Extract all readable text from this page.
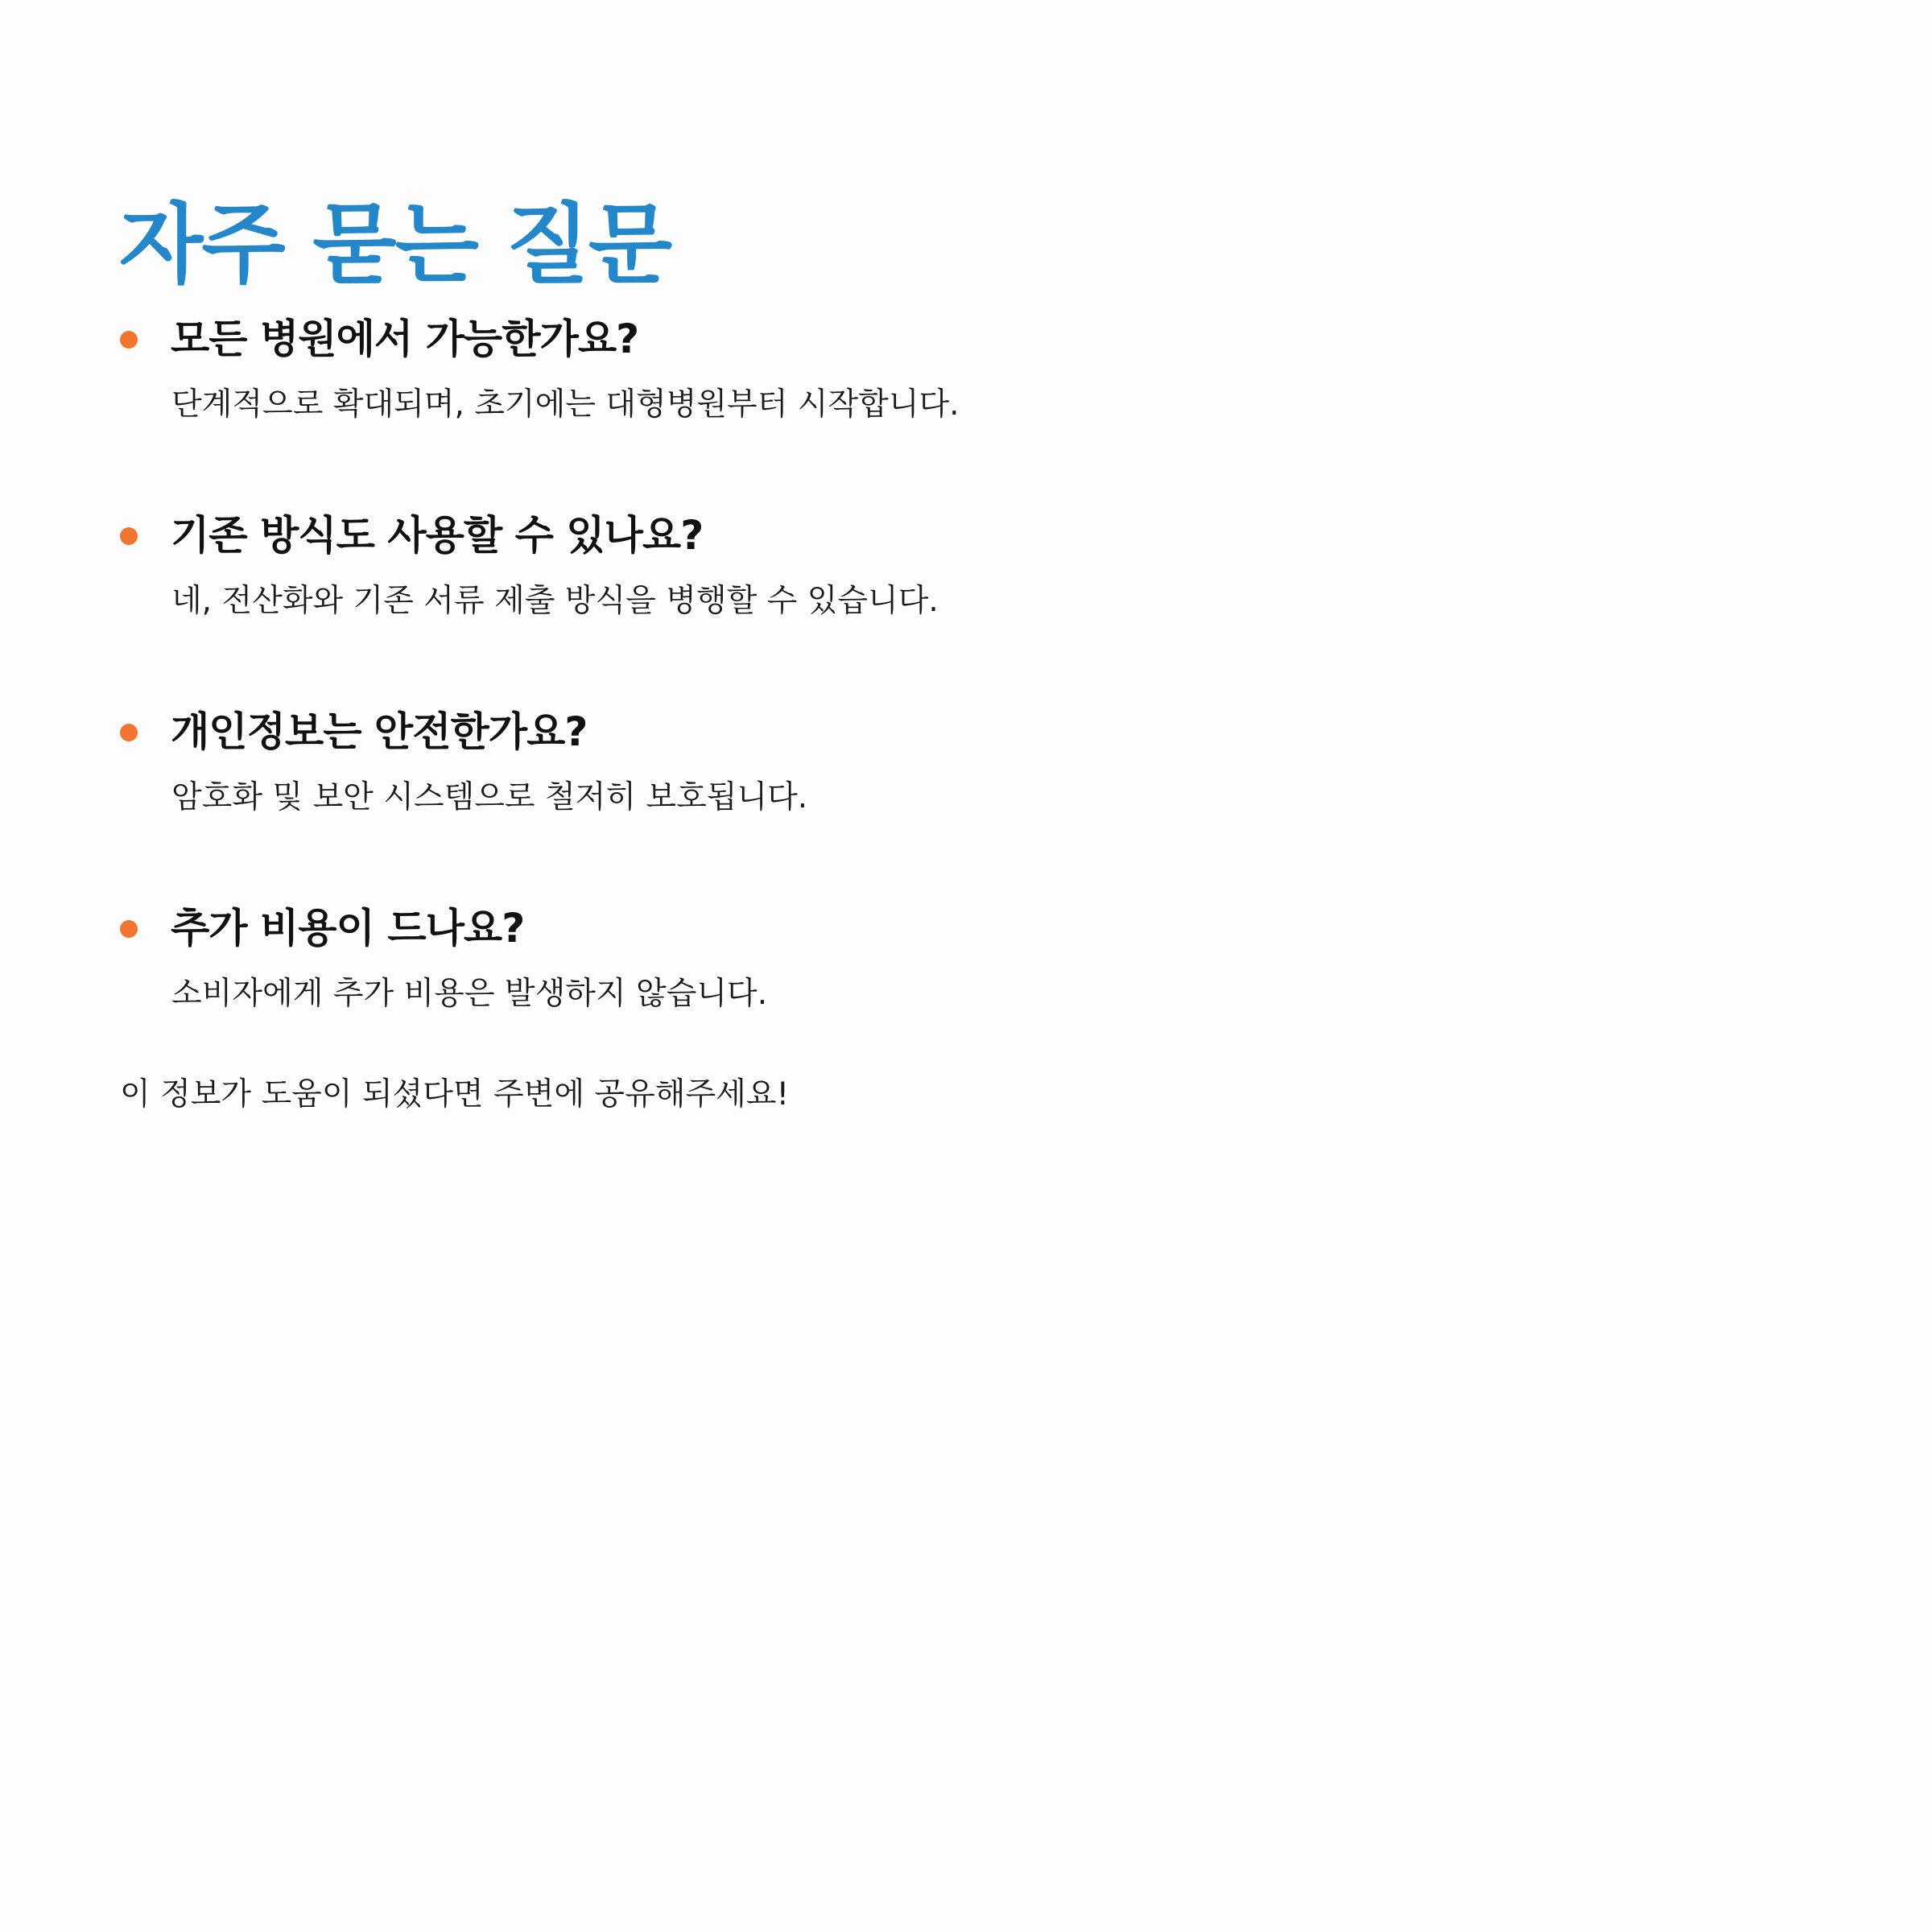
자주 묻는 질문
모든 병원에서 가능한가요?
단계적으로 확대되며, 초기에는 대형병원부터 시작합니다.
기존 방식도 사용할 수 있나요?
네, 전산화와 기존 서류 제출 방식을 병행할 수 있습니다.
개인정보는 안전한가요?
암호화 및 보안 시스템으로 철저히 보호됩니다.
추가 비용이 드나요?
소비자에게 추가 비용은 발생하지 않습니다.
이 정보가 도움이 되셨다면 주변에 공유해주세요!
